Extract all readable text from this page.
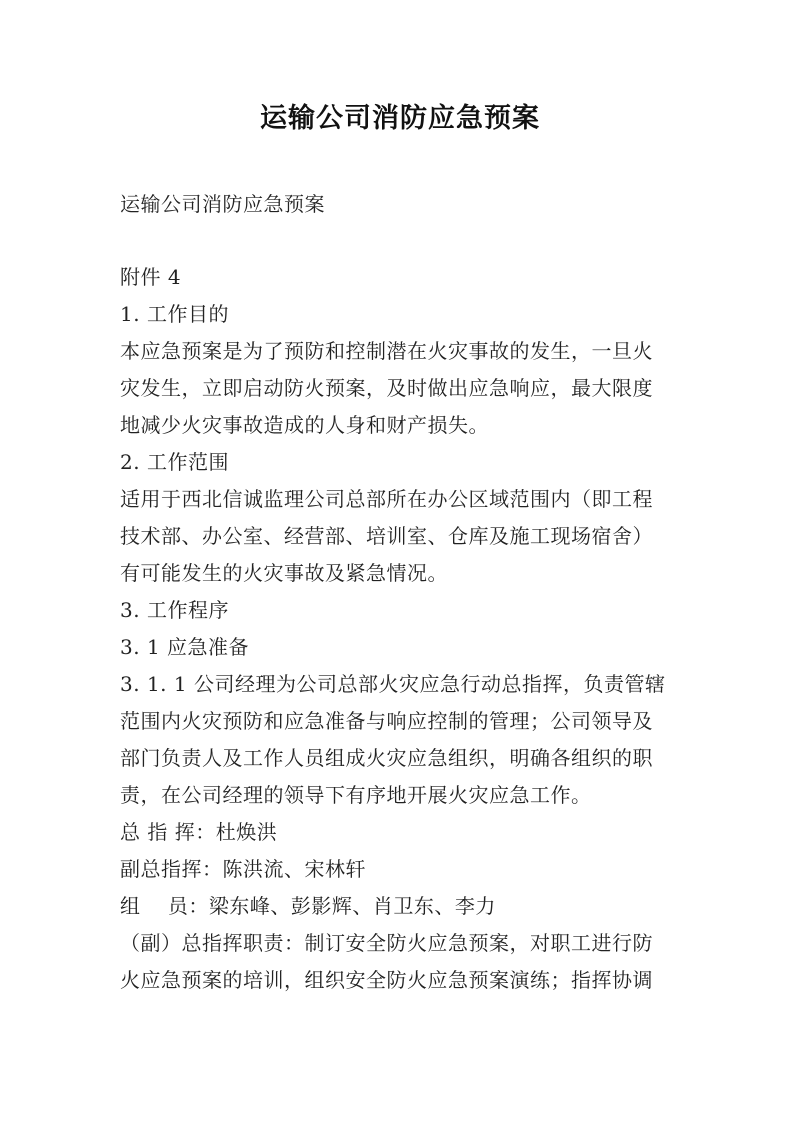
运输公司消防应急预案

运输公司消防应急预案

附件 4

1. 工作目的

本应急预案是为了预防和控制潜在火灾事故的发生，一旦火

灾发生，立即启动防火预案，及时做出应急响应，最大限度

地减少火灾事故造成的人身和财产损失。

2. 工作范围

适用于西北信诚监理公司总部所在办公区域范围内（即工程

技术部、办公室、经营部、培训室、仓库及施工现场宿舍）

有可能发生的火灾事故及紧急情况。

3. 工作程序

3. 1 应急准备

3. 1. 1 公司经理为公司总部火灾应急行动总指挥，负责管辖

范围内火灾预防和应急准备与响应控制的管理；公司领导及

部门负责人及工作人员组成火灾应急组织，明确各组织的职

责，在公司经理的领导下有序地开展火灾应急工作。

总 指 挥：杜焕洪

副总指挥：陈洪流、宋林轩

组　 员：梁东峰、彭影辉、肖卫东、李力

（副）总指挥职责：制订安全防火应急预案，对职工进行防

火应急预案的培训，组织安全防火应急预案演练；指挥协调
